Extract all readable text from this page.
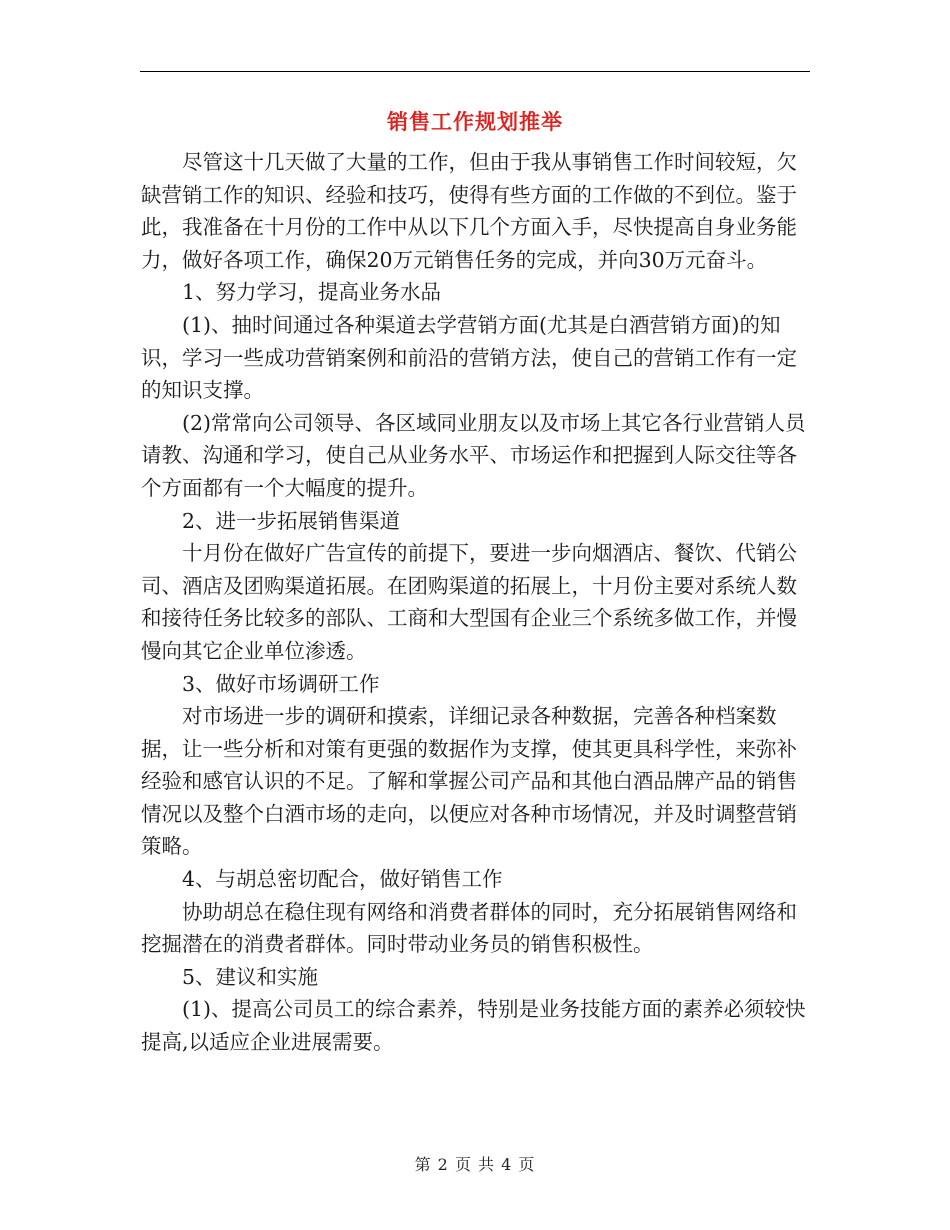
销售工作规划推举

尽管这十几天做了大量的工作，但由于我从事销售工作时间较短，欠缺营销工作的知识、经验和技巧，使得有些方面的工作做的不到位。鉴于此，我准备在十月份的工作中从以下几个方面入手，尽快提高自身业务能力，做好各项工作，确保20万元销售任务的完成，并向30万元奋斗。

1、努力学习，提高业务水品

(1)、抽时间通过各种渠道去学营销方面(尤其是白酒营销方面)的知识，学习一些成功营销案例和前沿的营销方法，使自己的营销工作有一定的知识支撑。

(2)常常向公司领导、各区域同业朋友以及市场上其它各行业营销人员请教、沟通和学习，使自己从业务水平、市场运作和把握到人际交往等各个方面都有一个大幅度的提升。

2、进一步拓展销售渠道

十月份在做好广告宣传的前提下，要进一步向烟酒店、餐饮、代销公司、酒店及团购渠道拓展。在团购渠道的拓展上，十月份主要对系统人数和接待任务比较多的部队、工商和大型国有企业三个系统多做工作，并慢慢向其它企业单位渗透。

3、做好市场调研工作

对市场进一步的调研和摸索，详细记录各种数据，完善各种档案数据，让一些分析和对策有更强的数据作为支撑，使其更具科学性，来弥补经验和感官认识的不足。了解和掌握公司产品和其他白酒品牌产品的销售情况以及整个白酒市场的走向，以便应对各种市场情况，并及时调整营销策略。

4、与胡总密切配合，做好销售工作

协助胡总在稳住现有网络和消费者群体的同时，充分拓展销售网络和挖掘潜在的消费者群体。同时带动业务员的销售积极性。

5、建议和实施

(1)、提高公司员工的综合素养，特别是业务技能方面的素养必须较快提高,以适应企业进展需要。

第 2 页 共 4 页
